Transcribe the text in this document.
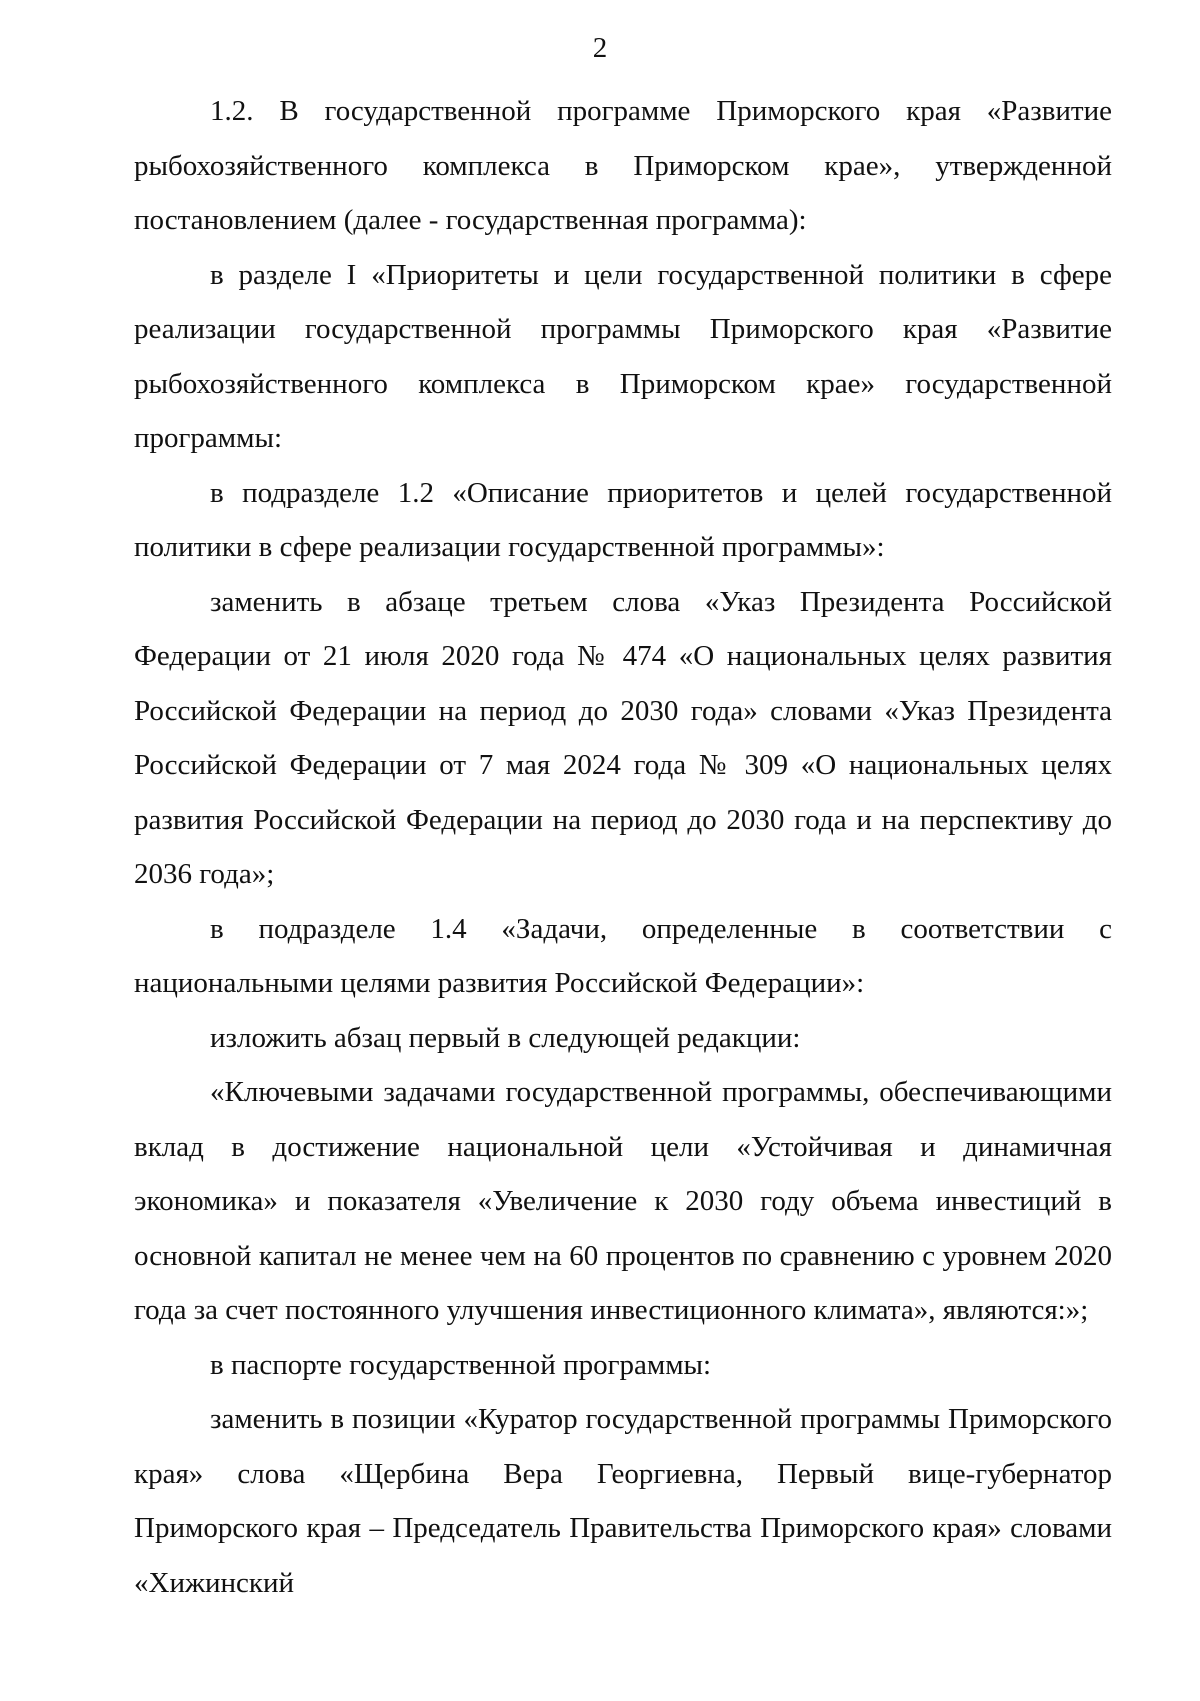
2

1.2. В государственной программе Приморского края «Развитие рыбохозяйственного комплекса в Приморском крае», утвержденной постановлением (далее - государственная программа):

в разделе I «Приоритеты и цели государственной политики в сфере реализации государственной программы Приморского края «Развитие рыбохозяйственного комплекса в Приморском крае» государственной программы:

в подразделе 1.2 «Описание приоритетов и целей государственной политики в сфере реализации государственной программы»:

заменить в абзаце третьем слова «Указ Президента Российской Федерации от 21 июля 2020 года № 474 «О национальных целях развития Российской Федерации на период до 2030 года» словами «Указ Президента Российской Федерации от 7 мая 2024 года № 309 «О национальных целях развития Российской Федерации на период до 2030 года и на перспективу до 2036 года»;

в подразделе 1.4 «Задачи, определенные в соответствии с национальными целями развития Российской Федерации»:

изложить абзац первый в следующей редакции:

«Ключевыми задачами государственной программы, обеспечивающими вклад в достижение национальной цели «Устойчивая и динамичная экономика» и показателя «Увеличение к 2030 году объема инвестиций в основной капитал не менее чем на 60 процентов по сравнению с уровнем 2020 года за счет постоянного улучшения инвестиционного климата», являются:»;

в паспорте государственной программы:

заменить в позиции «Куратор государственной программы Приморского края» слова «Щербина Вера Георгиевна, Первый вице-губернатор Приморского края – Председатель Правительства Приморского края» словами «Хижинский
